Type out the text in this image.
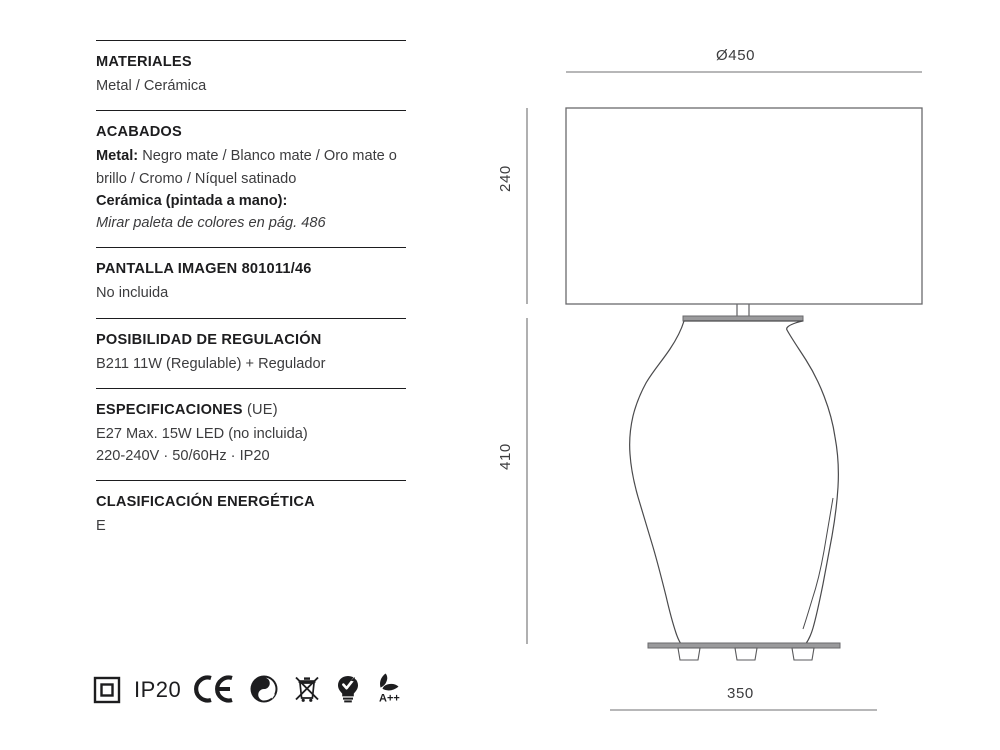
MATERIALES

Metal / Cerámica

ACABADOS

Metal: Negro mate / Blanco mate / Oro mate o brillo / Cromo / Níquel satinado

Cerámica (pintada a mano):

Mirar paleta de colores en pág. 486

PANTALLA IMAGEN 801011/46

No incluida

POSIBILIDAD DE REGULACIÓN

B211 11W (Regulable) + Regulador

ESPECIFICACIONES (UE)

E27 Max. 15W LED (no incluida)

220-240V · 50/60Hz · IP20

CLASIFICACIÓN ENERGÉTICA

E

IP20	A++
Ø450
350
240
410
